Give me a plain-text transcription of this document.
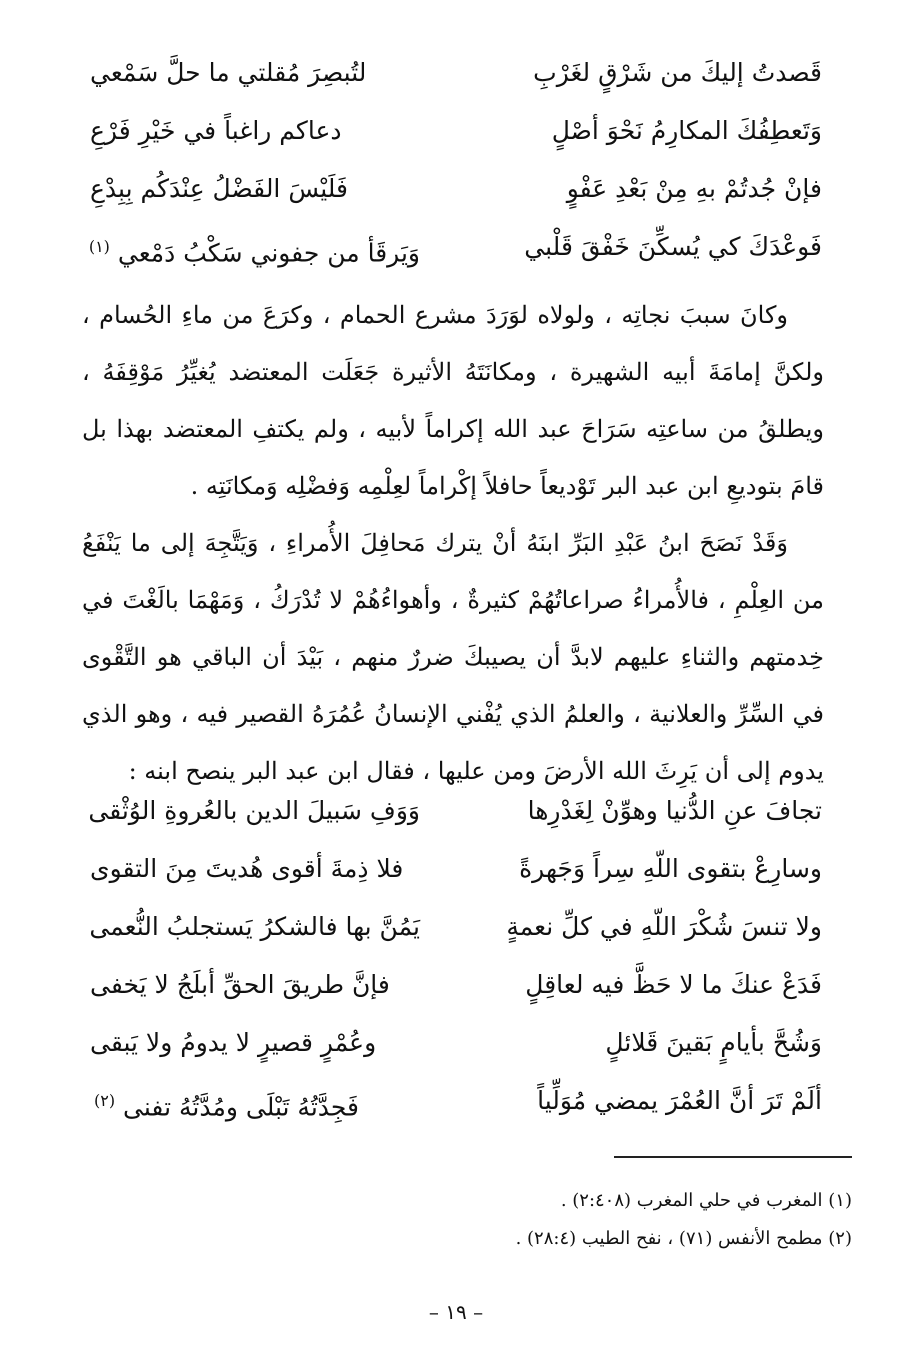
قَصدتُ إليكَ من شَرْقٍ لغَرْبِ
لتُبصِرَ مُقلتي ما حلَّ سَمْعي
وَتَعطِفُكَ المكارِمُ نَحْوَ أصْلٍ
دعاكم راغباً في خَيْرِ فَرْعِ
فإنْ جُدتُمْ بهِ مِنْ بَعْدِ عَفْوٍ
فَلَيْسَ الفَضْلُ عِنْدَكُم بِبِدْعِ
فَوعْدَكَ كي يُسكِّنَ خَفْقَ قَلْبي
وَيَرقَأ من جفوني سَكْبُ دَمْعي $^{(١)}$

وكانَ سببَ نجاتِه ، ولولاه لوَرَدَ مشرع الحمام ، وكرَعَ من ماءِ الحُسام ، ولكنَّ إمامَةَ أبيه الشهيرة ، ومكانَتَهُ الأثيرة جَعَلَت المعتضد يُغيِّرُ مَوْقِفَهُ ، ويطلقُ من ساعتِه سَرَاحَ عبد الله إكراماً لأبيه ، ولم يكتفِ المعتضد بهذا بل قامَ بتوديعِ ابن عبد البر تَوْديعاً حافلاً إكْراماً لعِلْمِه وَفضْلِه وَمكانَتِه .

وَقَدْ نَصَحَ ابنُ عَبْدِ البَرِّ ابنَهُ أنْ يترك مَحافِلَ الأُمراءِ ، وَيَتَّجِهَ إلى ما يَنْفَعُ من العِلْمِ ، فالأُمراءُ صراعاتُهُمْ كثيرةٌ ، وأهواءُهُمْ لا تُدْرَكُ ، وَمَهْمَا بالَغْتَ في خِدمتهم والثناءِ عليهم لابدَّ أن يصيبكَ ضررٌ منهم ، بَيْدَ أن الباقي هو التَّقْوى في السِّرِّ والعلانية ، والعلمُ الذي يُفْني الإنسانُ عُمُرَهُ القصير فيه ، وهو الذي يدوم إلى أن يَرِثَ الله الأرضَ ومن عليها ، فقال ابن عبد البر ينصح ابنه :

تجافَ عنِ الدُّنيا وهوِّنْ لِغَدْرِها
وَوَفِ سَبيلَ الدين بالعُروةِ الوُثْقى
وسارِعْ بتقوى اللّهِ سِراً وَجَهرةً
فلا ذِمةَ أقوى هُديتَ مِنَ التقوى
ولا تنسَ شُكْرَ اللّهِ في كلِّ نعمةٍ
يَمُنَّ بها فالشكرُ يَستجلبُ النُّعمى
فَدَعْ عنكَ ما لا حَظَّ فيه لعاقِلٍ
فإنَّ طريقَ الحقِّ أبلَجُ لا يَخفى
وَشُحَّ بأيامٍ بَقينَ قَلائلٍ
وعُمْرٍ قصيرٍ لا يدومُ ولا يَبقى
ألَمْ تَرَ أنَّ العُمْرَ يمضي مُوَلِّياً
فَجِدَّتُهُ تَبْلَى ومُدَّتُهُ تفنى $^{(٢)}$

(١) المغرب في حلي المغرب (٢:٤٠٨) .

(٢) مطمح الأنفس (٧١) ، نفح الطيب (٢٨:٤) .

– ١٩ –
